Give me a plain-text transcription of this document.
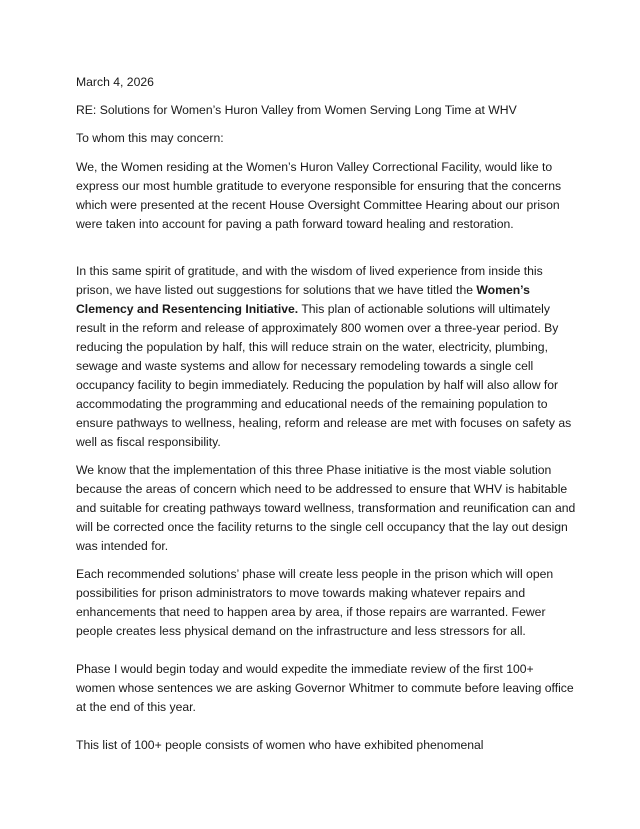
March 4, 2026

RE: Solutions for Women’s Huron Valley from Women Serving Long Time at WHV

To whom this may concern:

We, the Women residing at the Women’s Huron Valley Correctional Facility, would like to express our most humble gratitude to everyone responsible for ensuring that the concerns which were presented at the recent House Oversight Committee Hearing about our prison were taken into account for paving a path forward toward healing and restoration.

In this same spirit of gratitude, and with the wisdom of lived experience from inside this prison, we have listed out suggestions for solutions that we have titled the Women’s Clemency and Resentencing Initiative. This plan of actionable solutions will ultimately result in the reform and release of approximately 800 women over a three-year period. By reducing the population by half, this will reduce strain on the water, electricity, plumbing, sewage and waste systems and allow for necessary remodeling towards a single cell occupancy facility to begin immediately. Reducing the population by half will also allow for accommodating the programming and educational needs of the remaining population to ensure pathways to wellness, healing, reform and release are met with focuses on safety as well as fiscal responsibility.

We know that the implementation of this three Phase initiative is the most viable solution because the areas of concern which need to be addressed to ensure that WHV is habitable and suitable for creating pathways toward wellness, transformation and reunification can and will be corrected once the facility returns to the single cell occupancy that the lay out design was intended for.

Each recommended solutions’ phase will create less people in the prison which will open possibilities for prison administrators to move towards making whatever repairs and enhancements that need to happen area by area, if those repairs are warranted. Fewer people creates less physical demand on the infrastructure and less stressors for all.

Phase I would begin today and would expedite the immediate review of the first 100+ women whose sentences we are asking Governor Whitmer to commute before leaving office at the end of this year.

This list of 100+ people consists of women who have exhibited phenomenal
